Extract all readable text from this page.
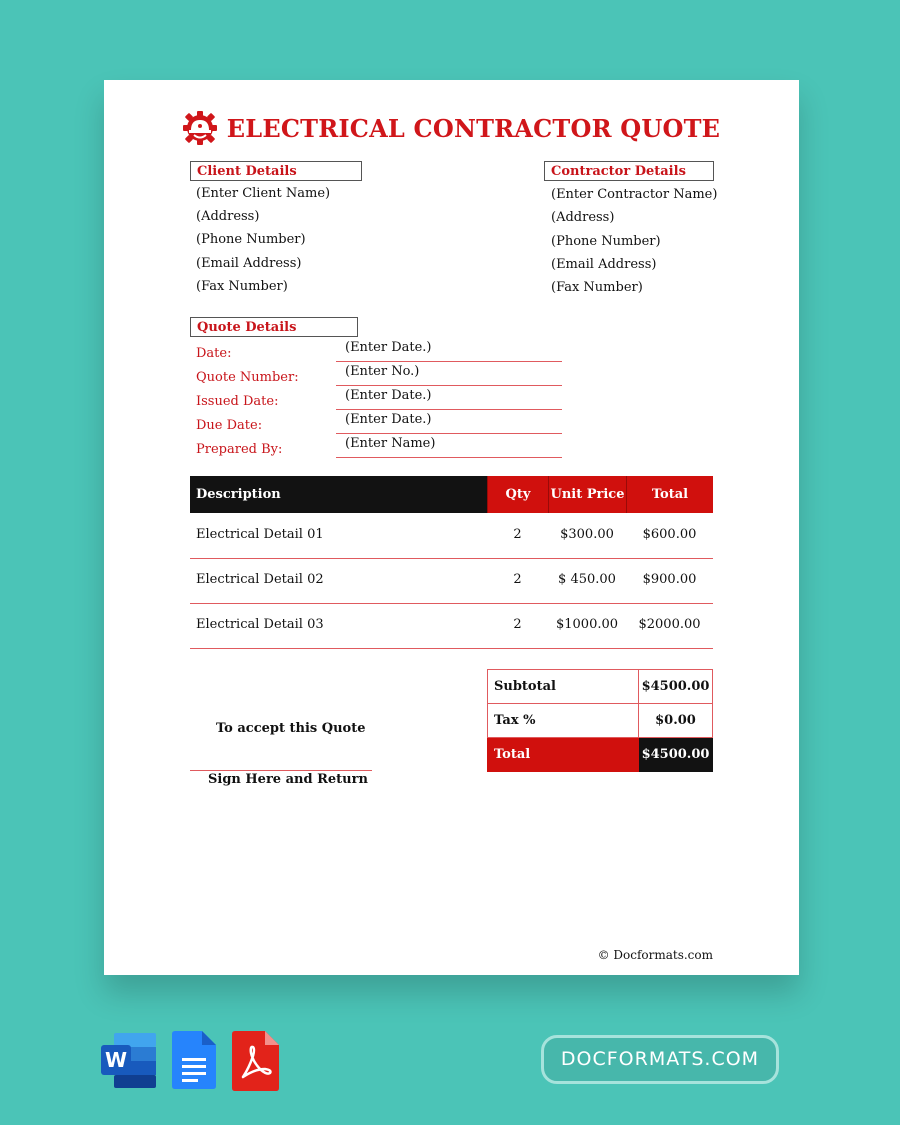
ELECTRICAL CONTRACTOR QUOTE
Client Details
(Enter Client Name)
(Address)
(Phone Number)
(Email Address)
(Fax Number)
Contractor Details
(Enter Contractor Name)
(Address)
(Phone Number)
(Email Address)
(Fax Number)
Quote Details
Date:	(Enter Date.)
Quote Number:	(Enter No.)
Issued Date:	(Enter Date.)
Due Date:	(Enter Date.)
Prepared By:	(Enter Name)
Description	Qty	Unit Price	Total
Electrical Detail 01	2	$300.00	$600.00
Electrical Detail 02	2	$ 450.00	$900.00
Electrical Detail 03	2	$1000.00	$2000.00
Subtotal	$4500.00
Tax %	$0.00
Total	$4500.00
To accept this Quote
Sign Here and Return
© Docformats.com
W	DOCFORMATS.COM
